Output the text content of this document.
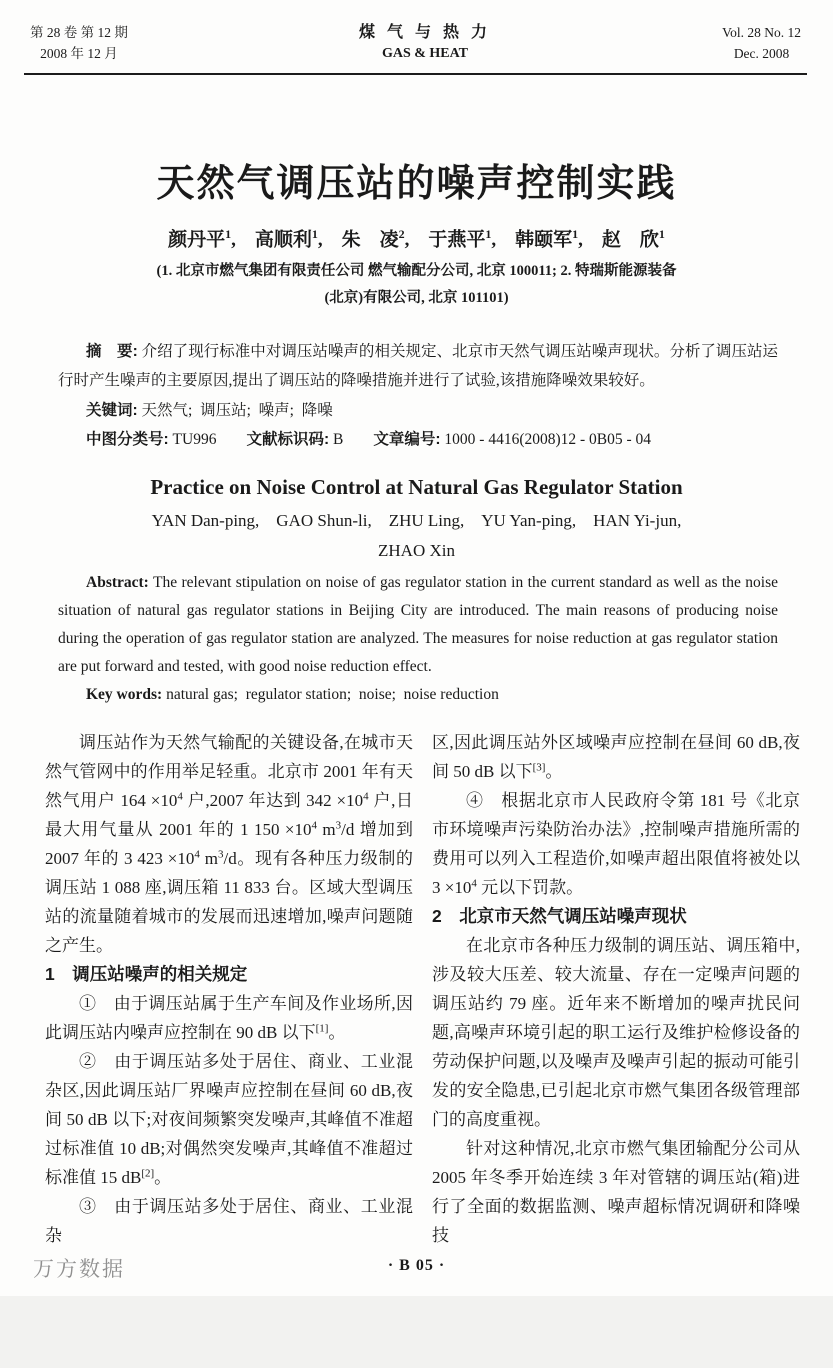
第 28 卷 第 12 期
2008 年 12 月
煤 气 与 热 力
GAS & HEAT
Vol. 28 No. 12
Dec. 2008
天然气调压站的噪声控制实践
颜丹平$^1$, 高顺利$^1$, 朱　凌$^2$, 于燕平$^1$, 韩颐军$^1$, 赵　欣$^1$
(1. 北京市燃气集团有限责任公司 燃气输配分公司, 北京 100011; 2. 特瑞斯能源装备
(北京)有限公司, 北京 101101)

摘　要: 介绍了现行标准中对调压站噪声的相关规定、北京市天然气调压站噪声现状。分析了调压站运行时产生噪声的主要原因,提出了调压站的降噪措施并进行了试验,该措施降噪效果较好。

关键词: 天然气; 调压站; 噪声; 降噪

中图分类号: TU996 文献标识码: B 文章编号: 1000 - 4416(2008)12 - 0B05 - 04

Practice on Noise Control at Natural Gas Regulator Station
YAN Dan-ping, GAO Shun-li, ZHU Ling, YU Yan-ping, HAN Yi-jun,
ZHAO Xin

Abstract: The relevant stipulation on noise of gas regulator station in the current standard as well as the noise situation of natural gas regulator stations in Beijing City are introduced. The main reasons of producing noise during the operation of gas regulator station are analyzed. The measures for noise reduction at gas regulator station are put forward and tested, with good noise reduction effect.

Key words: natural gas; regulator station; noise; noise reduction

调压站作为天然气输配的关键设备,在城市天然气管网中的作用举足轻重。北京市 2001 年有天然气用户 $164 \times 10^4$ 户,2007 年达到 $342 \times 10^4$ 户,日最大用气量从 2001 年的 1 $150 \times 10^4$ $m^3/d$ 增加到 2007 年的 3 $423 \times 10^4$ $m^3/d$。现有各种压力级制的调压站 1 088 座,调压箱 11 833 台。区域大型调压站的流量随着城市的发展而迅速增加,噪声问题随之产生。

1　调压站噪声的相关规定

① 由于调压站属于生产车间及作业场所,因此调压站内噪声应控制在 90 dB 以下[1]。

② 由于调压站多处于居住、商业、工业混杂区,因此调压站厂界噪声应控制在昼间 60 dB,夜间 50 dB 以下;对夜间频繁突发噪声,其峰值不准超过标准值 10 dB;对偶然突发噪声,其峰值不准超过标准值 15 dB[2]。

③ 由于调压站多处于居住、商业、工业混杂

区,因此调压站外区域噪声应控制在昼间 60 dB,夜间 50 dB 以下[3]。

④ 根据北京市人民政府令第 181 号《北京市环境噪声污染防治办法》,控制噪声措施所需的费用可以列入工程造价,如噪声超出限值将被处以 $3 \times 10^4$ 元以下罚款。

2　北京市天然气调压站噪声现状

在北京市各种压力级制的调压站、调压箱中,涉及较大压差、较大流量、存在一定噪声问题的调压站约 79 座。近年来不断增加的噪声扰民问题,高噪声环境引起的职工运行及维护检修设备的劳动保护问题,以及噪声及噪声引起的振动可能引发的安全隐患,已引起北京市燃气集团各级管理部门的高度重视。

针对这种情况,北京市燃气集团输配分公司从 2005 年冬季开始连续 3 年对管辖的调压站(箱)进行了全面的数据监测、噪声超标情况调研和降噪技

· B 05 ·
万方数据
